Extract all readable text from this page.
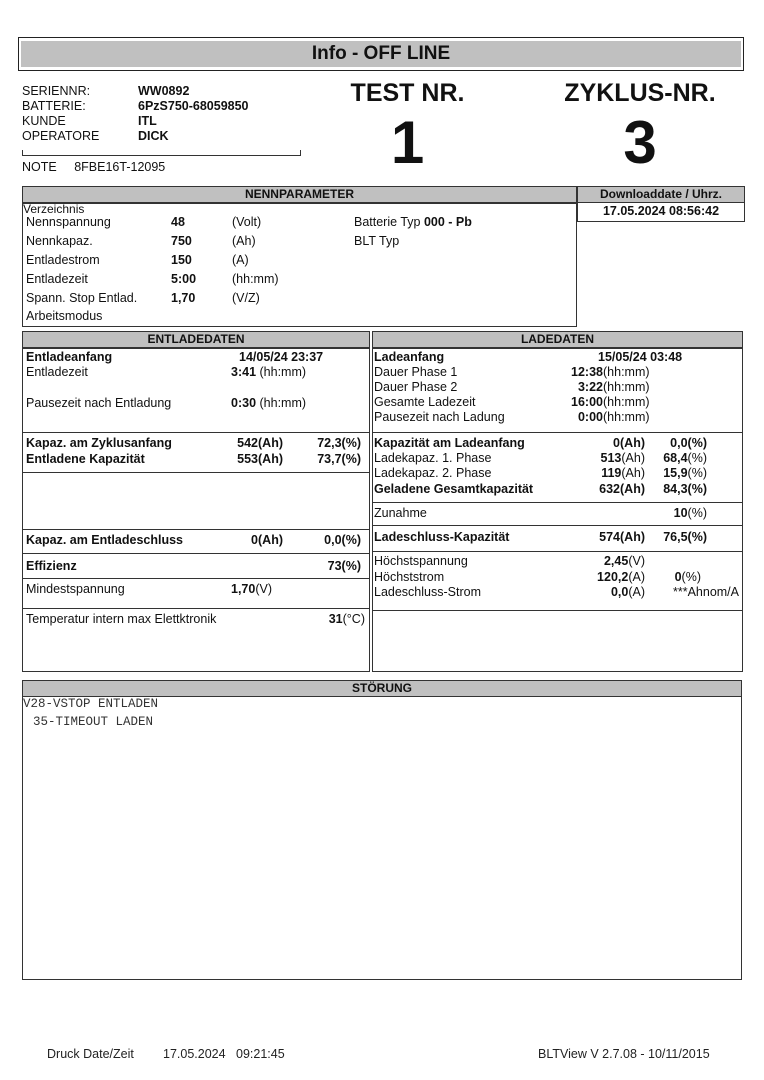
Info - OFF LINE
SERIENNR:	WW0892
BATTERIE:	6PzS750-68059850
KUNDE	ITL
OPERATORE	DICK
NOTE 8FBE16T-12095
TEST NR.
1
ZYKLUS-NR.
3
NENNPARAMETER
Verzeichnis
Nennspannung	48	(Volt)
Nennkapaz.	750	(Ah)
Entladestrom	150	(A)
Entladezeit	5:00	(hh:mm)
Spann. Stop Entlad.	1,70	(V/Z)
Arbeitsmodus
Batterie Typ 000 - Pb
BLT Typ
Downloaddate / Uhrz.
17.05.2024 08:56:42
ENTLADEDATEN
Entladeanfang	14/05/24 23:37
Entladezeit	3:41 (hh:mm)
Pausezeit nach Entladung	0:30 (hh:mm)
Kapaz. am Zyklusanfang	542(Ah)	72,3(%)
Entladene Kapazität	553(Ah)	73,7(%)
Kapaz. am Entladeschluss	0(Ah)	0,0(%)
Effizienz	73(%)
Mindestspannung	1,70(V)
Temperatur intern max Elettktronik	31(°C)
LADEDATEN
Ladeanfang	15/05/24 03:48
Dauer Phase 1	12:38(hh:mm)
Dauer Phase 2	3:22(hh:mm)
Gesamte Ladezeit	16:00(hh:mm)
Pausezeit nach Ladung	0:00(hh:mm)
Kapazität am Ladeanfang	0(Ah)	0,0(%)
Ladekapaz. 1. Phase	513(Ah)	68,4(%)
Ladekapaz. 2. Phase	119(Ah)	15,9(%)
Geladene Gesamtkapazität	632(Ah)	84,3(%)
Zunahme	10(%)
Ladeschluss-Kapazität	574(Ah)	76,5(%)
Höchstspannung	2,45(V)
Höchststrom	120,2(A)	0(%)
Ladeschluss-Strom	0,0(A)	***Ahnom/A
STÖRUNG
V28-VSTOP ENTLADEN
35-TIMEOUT LADEN
Druck Date/Zeit 17.05.2024 09:21:45	BLTView V 2.7.08 - 10/11/2015
